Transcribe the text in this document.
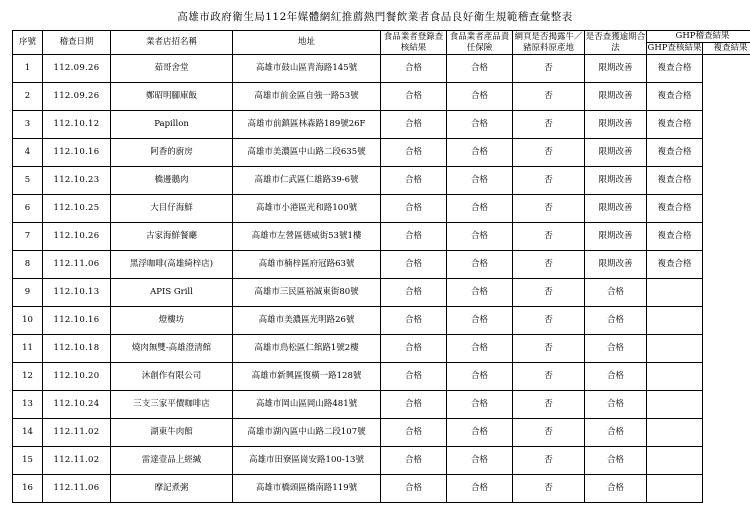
高雄市政府衛生局112年媒體網紅推薦熱門餐飲業者食品良好衛生規範稽查彙整表
序號	稽查日期	業者店招名稱	地址	食品業者登錄查核結果	食品業者產品責任保險	網頁是否揭露牛／豬原料原產地	是否查獲逾期合法	GHP稽查結果	
								GHP查核結果	複查結果
1	112.09.26	茹哥舍堂	高雄市鼓山區青海路145號	合格	合格	否	限期改善	複查合格	
2	112.09.26	鄭昭明腳庫飯	高雄市前金區自強一路53號	合格	合格	否	限期改善	複查合格	
3	112.10.12	Papillon	高雄市前鎮區林森路189號26F	合格	合格	否	限期改善	複查合格	
4	112.10.16	阿香的廚房	高雄市美濃區中山路二段635號	合格	合格	否	限期改善	複查合格	
5	112.10.23	橋邊鵝肉	高雄市仁武區仁雄路39-6號	合格	合格	否	限期改善	複查合格	
6	112.10.25	大目仔海鮮	高雄市小港區光和路100號	合格	合格	否	限期改善	複查合格	
7	112.10.26	古家海鮮餐廳	高雄市左營區德威街53號1樓	合格	合格	否	限期改善	複查合格	
8	112.11.06	黑浮咖啡(高雄綺梓店)	高雄市楠梓區府冠路63號	合格	合格	否	限期改善	複查合格	
9	112.10.13	APIS Grill	高雄市三民區裕誠東街80號	合格	合格	否	合格		
10	112.10.16	燈樓坊	高雄市美濃區光明路26號	合格	合格	否	合格		
11	112.10.18	燒肉無雙-高雄澄清館	高雄市鳥松區仁館路1號2樓	合格	合格	否	合格		
12	112.10.20	沐創作有限公司	高雄市新興區復橫一路128號	合格	合格	否	合格		
13	112.10.24	三支三家平價咖啡店	高雄市岡山區岡山路481號	合格	合格	否	合格		
14	112.11.02	湖東牛肉館	高雄市湖內區中山路二段107號	合格	合格	否	合格		
15	112.11.02	雷達壹品上經緘	高雄市田寮區崗安路100-13號	合格	合格	否	合格		
16	112.11.06	摩記煮粥	高雄市橋頭區橋南路119號	合格	合格	否	合格		
